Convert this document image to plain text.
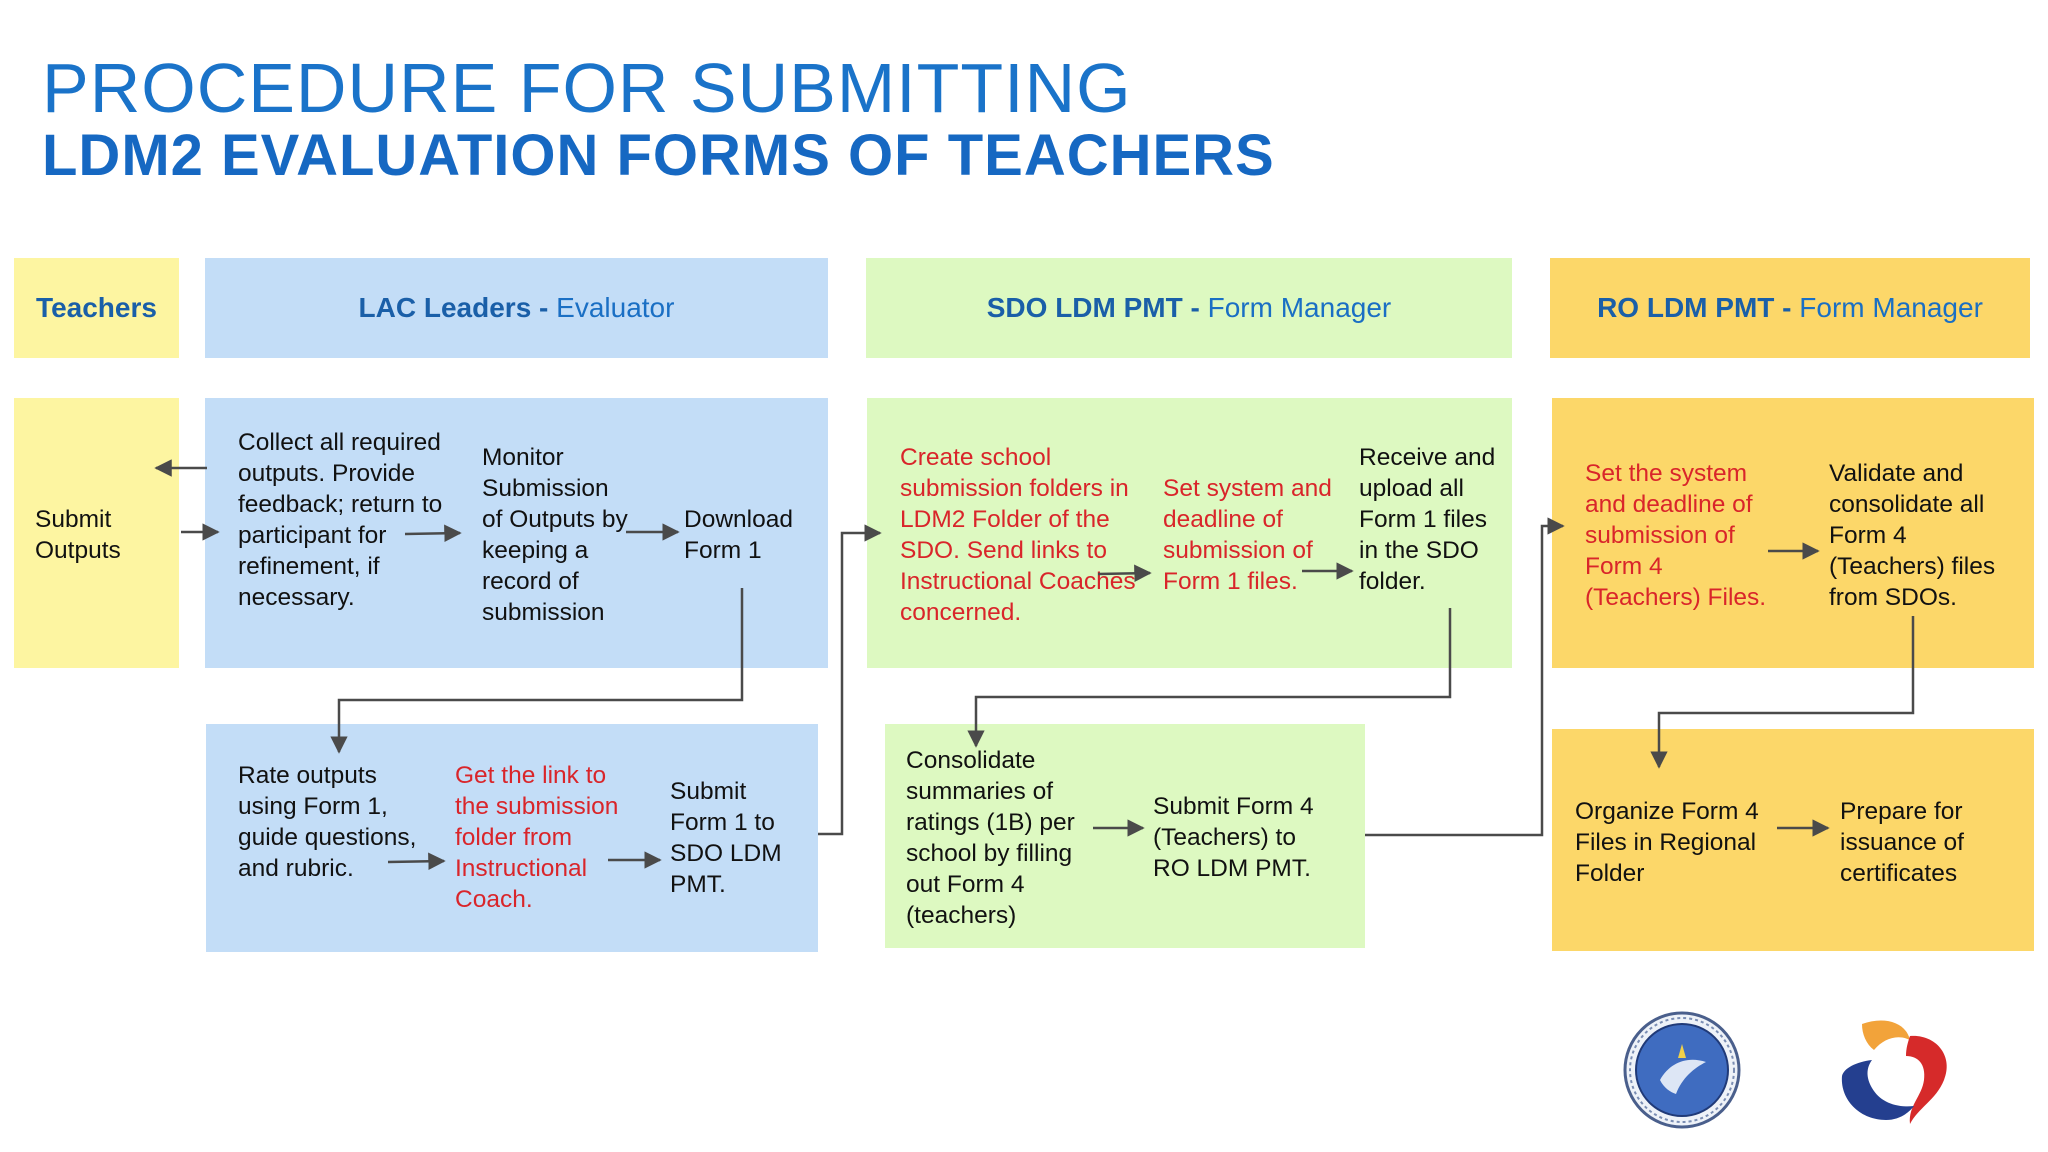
PROCEDURE FOR SUBMITTING
LDM2 EVALUATION FORMS OF TEACHERS
Teachers	LAC Leaders - Evaluator	SDO LDM PMT - Form Manager	RO LDM PMT - Form Manager
Submit Outputs
Collect all required outputs. Provide feedback; return to participant for refinement, if necessary.
Monitor Submission of Outputs by keeping a record of submission
Download Form 1
Rate outputs using Form 1, guide questions, and rubric.
Get the link to the submission folder from Instructional Coach.
Submit Form 1 to SDO LDM PMT.
Create school submission folders in LDM2 Folder of the SDO. Send links to Instructional Coaches concerned.
Set system and deadline of submission of Form 1 files.
Receive and upload all Form 1 files in the SDO folder.
Consolidate summaries of ratings (1B) per school by filling out Form 4 (teachers)
Submit Form 4 (Teachers) to RO LDM PMT.
Set the system and deadline of submission of Form 4 (Teachers) Files.
Validate and consolidate all Form 4 (Teachers) files from SDOs.
Organize Form 4 Files in Regional Folder
Prepare for issuance of certificates
